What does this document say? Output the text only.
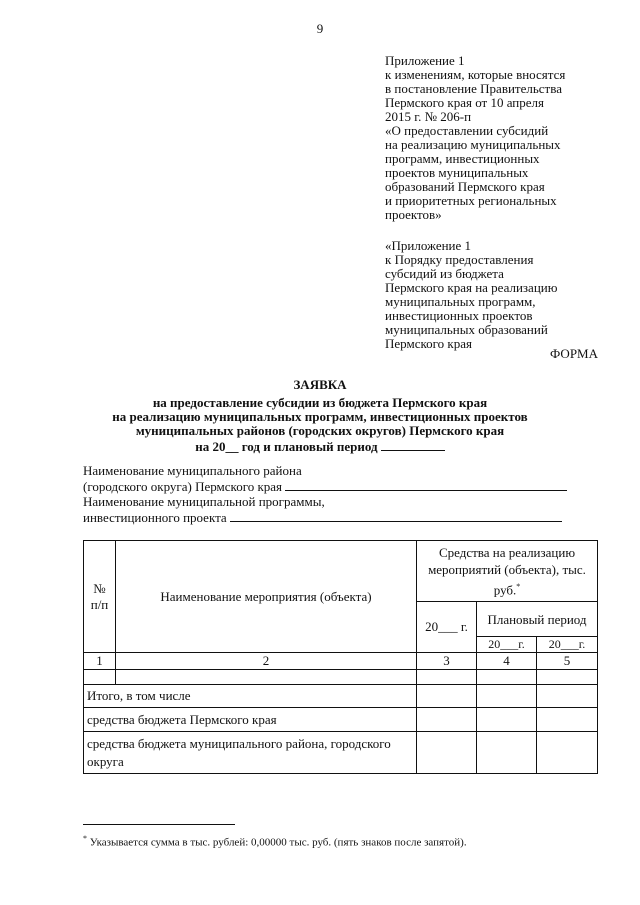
9
Приложение 1
к изменениям, которые вносятся
в постановление Правительства
Пермского края от 10 апреля
2015 г. № 206-п
«О предоставлении субсидий
на реализацию муниципальных
программ, инвестиционных
проектов муниципальных
образований Пермского края
и приоритетных региональных
проектов»
«Приложение 1
к Порядку предоставления
субсидий из бюджета
Пермского края на реализацию
муниципальных программ,
инвестиционных проектов
муниципальных образований
Пермского края
ФОРМА
ЗАЯВКА
на предоставление субсидии из бюджета Пермского края
на реализацию муниципальных программ, инвестиционных проектов
муниципальных районов (городских округов) Пермского края
на 20__ год и плановый период
Наименование муниципального района
(городского округа) Пермского края
Наименование муниципальной программы,
инвестиционного проекта
№ п/п	Наименование мероприятия (объекта)	Средства на реализацию мероприятий (объекта), тыс. руб.*
		20___ г.	Плановый период	
			20___г.	20___г.
1	2	3	4	5

Итого, в том числе				
средства бюджета Пермского края				
средства бюджета муниципального района, городского округа				
* Указывается сумма в тыс. рублей: 0,00000 тыс. руб. (пять знаков после запятой).
